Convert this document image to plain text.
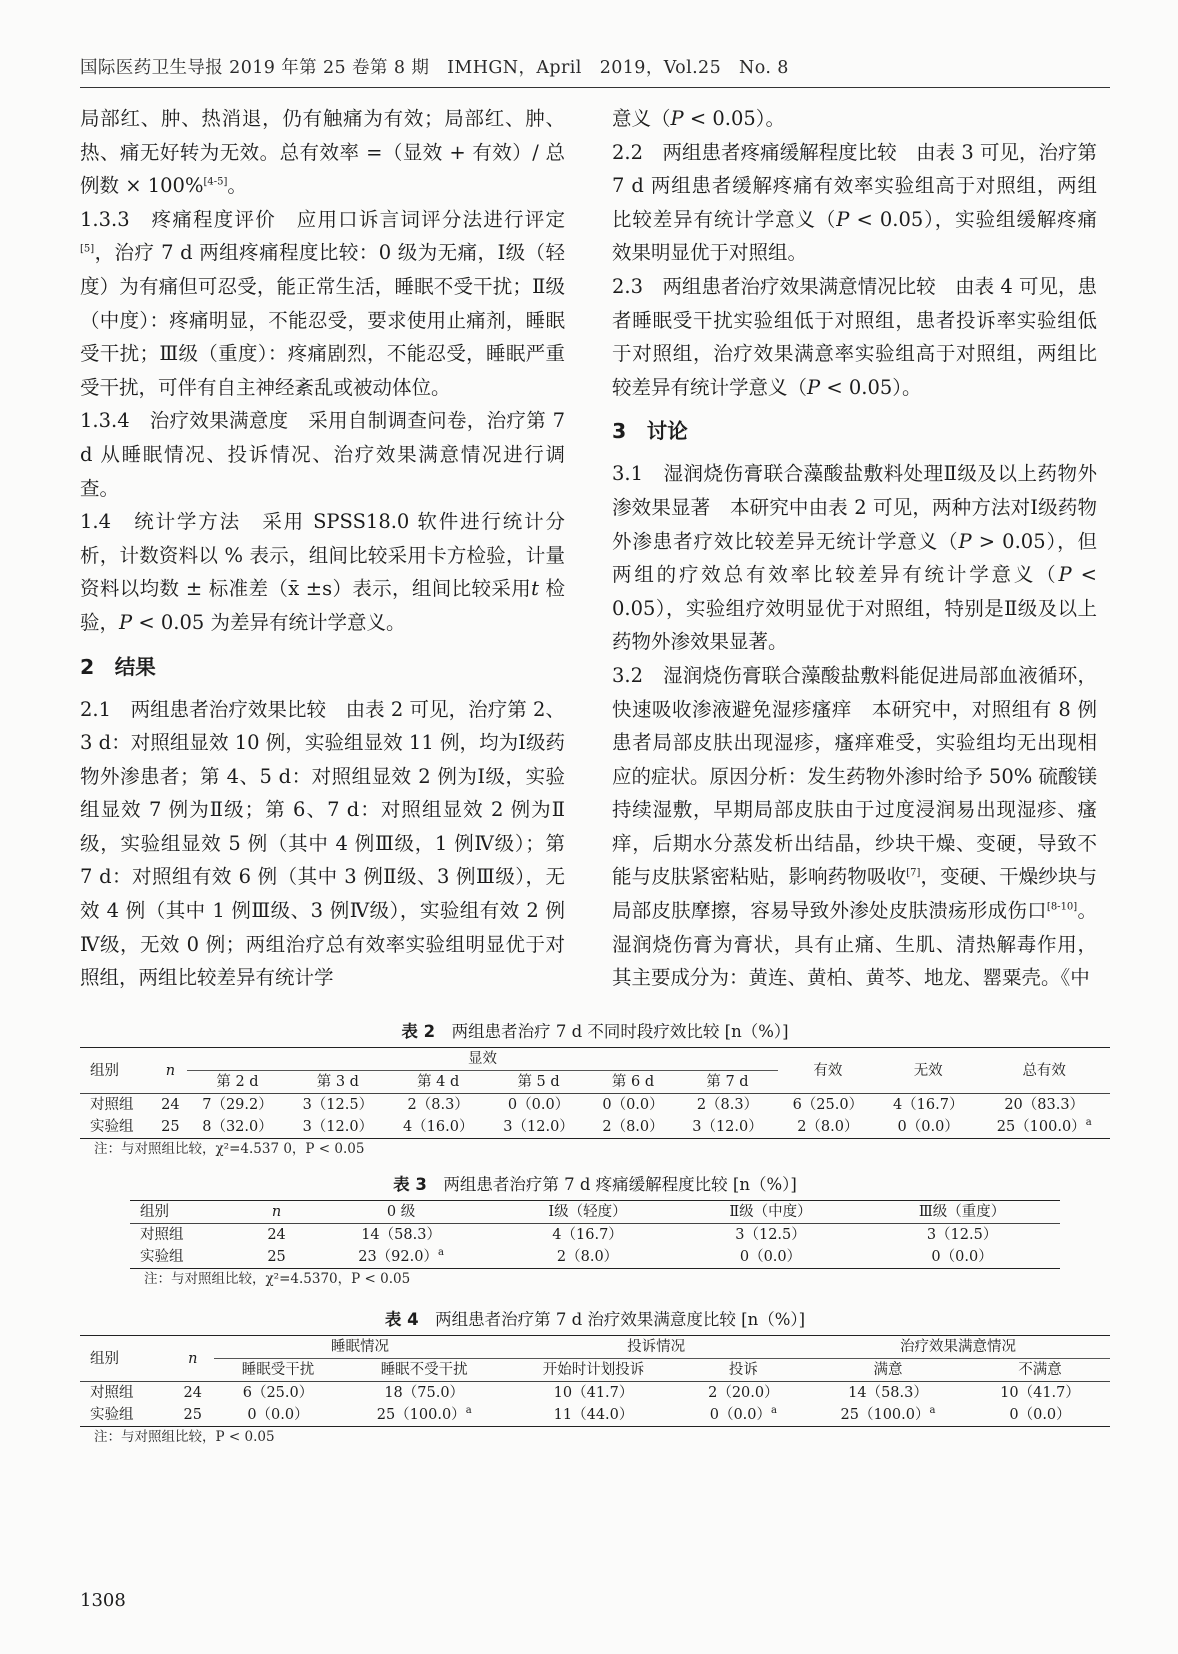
国际医药卫生导报 2019 年第 25 卷第 8 期　IMHGN，April　2019，Vol.25　No. 8

局部红、肿、热消退，仍有触痛为有效；局部红、肿、热、痛无好转为无效。总有效率 =（显效 + 有效）/ 总例数 × 100%[4-5]。

1.3.3　疼痛程度评价　应用口诉言词评分法进行评定[5]，治疗 7 d 两组疼痛程度比较：0 级为无痛，Ⅰ级（轻度）为有痛但可忍受，能正常生活，睡眠不受干扰；Ⅱ级（中度）：疼痛明显，不能忍受，要求使用止痛剂，睡眠受干扰；Ⅲ级（重度）：疼痛剧烈，不能忍受，睡眠严重受干扰，可伴有自主神经紊乱或被动体位。

1.3.4　治疗效果满意度　采用自制调查问卷，治疗第 7 d 从睡眠情况、投诉情况、治疗效果满意情况进行调查。

1.4　统计学方法　采用 SPSS18.0 软件进行统计分析，计数资料以 % 表示，组间比较采用卡方检验，计量资料以均数 ± 标准差（x̄ ±s）表示，组间比较采用t 检验，P < 0.05 为差异有统计学意义。

2　结果

2.1　两组患者治疗效果比较　由表 2 可见，治疗第 2、3 d：对照组显效 10 例，实验组显效 11 例，均为Ⅰ级药物外渗患者；第 4、5 d：对照组显效 2 例为Ⅰ级，实验组显效 7 例为Ⅱ级；第 6、7 d：对照组显效 2 例为Ⅱ级，实验组显效 5 例（其中 4 例Ⅲ级，1 例Ⅳ级）；第 7 d：对照组有效 6 例（其中 3 例Ⅱ级、3 例Ⅲ级），无效 4 例（其中 1 例Ⅲ级、3 例Ⅳ级），实验组有效 2 例Ⅳ级，无效 0 例；两组治疗总有效率实验组明显优于对照组，两组比较差异有统计学

意义（P < 0.05）。

2.2　两组患者疼痛缓解程度比较　由表 3 可见，治疗第 7 d 两组患者缓解疼痛有效率实验组高于对照组，两组比较差异有统计学意义（P < 0.05），实验组缓解疼痛效果明显优于对照组。

2.3　两组患者治疗效果满意情况比较　由表 4 可见，患者睡眠受干扰实验组低于对照组，患者投诉率实验组低于对照组，治疗效果满意率实验组高于对照组，两组比较差异有统计学意义（P < 0.05）。

3　讨论

3.1　湿润烧伤膏联合藻酸盐敷料处理Ⅱ级及以上药物外渗效果显著　本研究中由表 2 可见，两种方法对Ⅰ级药物外渗患者疗效比较差异无统计学意义（P > 0.05），但两组的疗效总有效率比较差异有统计学意义（P < 0.05），实验组疗效明显优于对照组，特别是Ⅱ级及以上药物外渗效果显著。

3.2　湿润烧伤膏联合藻酸盐敷料能促进局部血液循环，快速吸收渗液避免湿疹瘙痒　本研究中，对照组有 8 例患者局部皮肤出现湿疹，瘙痒难受，实验组均无出现相应的症状。原因分析：发生药物外渗时给予 50% 硫酸镁持续湿敷，早期局部皮肤由于过度浸润易出现湿疹、瘙痒，后期水分蒸发析出结晶，纱块干燥、变硬，导致不能与皮肤紧密粘贴，影响药物吸收[7]，变硬、干燥纱块与局部皮肤摩擦，容易导致外渗处皮肤溃疡形成伤口[8-10]。湿润烧伤膏为膏状，具有止痛、生肌、清热解毒作用，其主要成分为：黄连、黄柏、黄芩、地龙、罂粟壳。《中

表 2　 两组患者治疗 7 d 不同时段疗效比较 [n（%）]
组别	n	显效						有效	无效	总有效
		第 2 d	第 3 d	第 4 d	第 5 d	第 6 d	第 7 d			
对照组	24	7（29.2）	3（12.5）	2（8.3）	0（0.0）	0（0.0）	2（8.3）	6（25.0）	4（16.7）	20（83.3）
实验组	25	8（32.0）	3（12.0）	4（16.0）	3（12.0）	2（8.0）	3（12.0）	2（8.0）	0（0.0）	$25(100.0)^a$
注：与对照组比较，χ²=4.537 0，P < 0.05
表 3　 两组患者治疗第 7 d 疼痛缓解程度比较 [n（%）]
组别	n	0 级	Ⅰ级（轻度）	Ⅱ级（中度）	Ⅲ级（重度）
对照组	24	14（58.3）	4（16.7）	3（12.5）	3（12.5）
实验组	25	$23(92.0)^a$	2（8.0）	0（0.0）	0（0.0）
注：与对照组比较，χ²=4.5370，P < 0.05
表 4　 两组患者治疗第 7 d 治疗效果满意度比较 [n（%）]
组别	n	睡眠情况		投诉情况		治疗效果满意情况	
		睡眠受干扰	睡眠不受干扰	开始时计划投诉	投诉	满意	不满意
对照组	24	6（25.0）	18（75.0）	10（41.7）	2（20.0）	14（58.3）	10（41.7）
实验组	25	0（0.0）	$25(100.0)^a$	11（44.0）	$0(0.0)^a$	$25(100.0)^a$	0（0.0）
注：与对照组比较，P < 0.05
1308
